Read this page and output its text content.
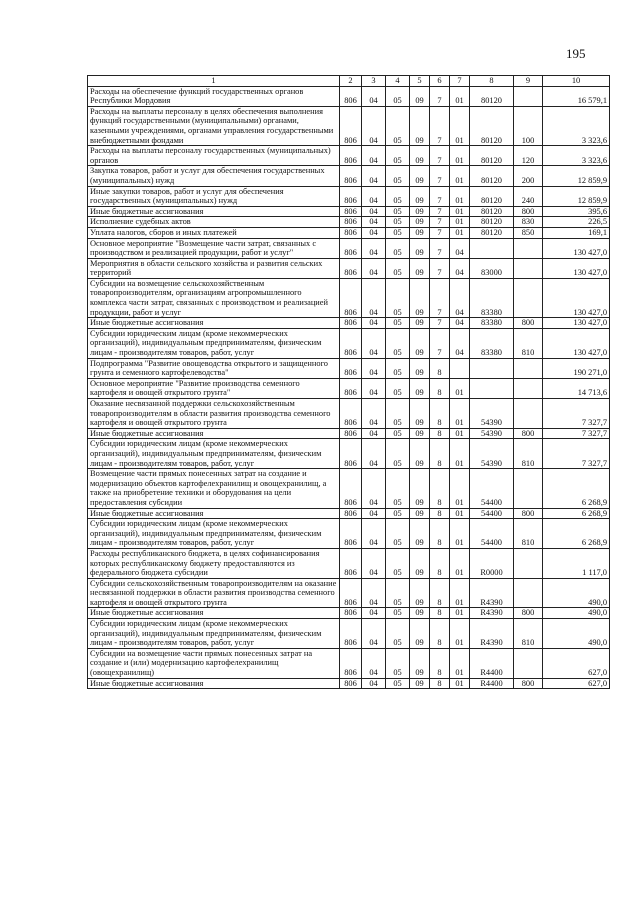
195
1	2	3	4	5	6	7	8	9	10
Расходы на обеспечение функций государственных органов Республики Мордовия	806	04	05	09	7	01	80120		16 579,1
Расходы на выплаты персоналу в целях обеспечения выполнения функций государственными (муниципальными) органами, казенными учреждениями, органами управления государственными внебюджетными фондами	806	04	05	09	7	01	80120	100	3 323,6
Расходы на выплаты персоналу государственных (муниципальных) органов	806	04	05	09	7	01	80120	120	3 323,6
Закупка товаров, работ и услуг для обеспечения государственных (муниципальных) нужд	806	04	05	09	7	01	80120	200	12 859,9
Иные закупки товаров, работ и услуг для обеспечения государственных (муниципальных) нужд	806	04	05	09	7	01	80120	240	12 859,9
Иные бюджетные ассигнования	806	04	05	09	7	01	80120	800	395,6
Исполнение судебных актов	806	04	05	09	7	01	80120	830	226,5
Уплата налогов, сборов и иных платежей	806	04	05	09	7	01	80120	850	169,1
Основное мероприятие "Возмещение части затрат, связанных с производством и реализацией продукции, работ и услуг"	806	04	05	09	7	04			130 427,0
Мероприятия в области сельского хозяйства и развития сельских территорий	806	04	05	09	7	04	83000		130 427,0
Субсидии на возмещение сельскохозяйственным товаропроизводителям, организациям агропромышленного комплекса части затрат, связанных с производством и реализацией продукции, работ и услуг	806	04	05	09	7	04	83380		130 427,0
Иные бюджетные ассигнования	806	04	05	09	7	04	83380	800	130 427,0
Субсидии юридическим лицам (кроме некоммерческих организаций), индивидуальным предпринимателям, физическим лицам - производителям товаров, работ, услуг	806	04	05	09	7	04	83380	810	130 427,0
Подпрограмма "Развитие овощеводства открытого и защищенного грунта и семенного картофелеводства"	806	04	05	09	8				190 271,0
Основное мероприятие "Развитие производства семенного картофеля и овощей открытого грунта"	806	04	05	09	8	01			14 713,6
Оказание несвязанной поддержки сельскохозяйственным товаропроизводителям в области развития производства семенного картофеля и овощей открытого грунта	806	04	05	09	8	01	54390		7 327,7
Иные бюджетные ассигнования	806	04	05	09	8	01	54390	800	7 327,7
Субсидии юридическим лицам (кроме некоммерческих организаций), индивидуальным предпринимателям, физическим лицам - производителям товаров, работ, услуг	806	04	05	09	8	01	54390	810	7 327,7
Возмещение части прямых понесенных затрат на создание и модернизацию объектов картофелехранилищ и овощехранилищ, а также на приобретение техники и оборудования на цели предоставления субсидии	806	04	05	09	8	01	54400		6 268,9
Иные бюджетные ассигнования	806	04	05	09	8	01	54400	800	6 268,9
Субсидии юридическим лицам (кроме некоммерческих организаций), индивидуальным предпринимателям, физическим лицам - производителям товаров, работ, услуг	806	04	05	09	8	01	54400	810	6 268,9
Расходы республиканского бюджета, в целях софинансирования которых республиканскому бюджету предоставляются из федерального бюджета субсидии	806	04	05	09	8	01	R0000		1 117,0
Субсидии сельскохозяйственным товаропроизводителям на оказание несвязанной поддержки в области развития производства семенного картофеля и овощей открытого грунта	806	04	05	09	8	01	R4390		490,0
Иные бюджетные ассигнования	806	04	05	09	8	01	R4390	800	490,0
Субсидии юридическим лицам (кроме некоммерческих организаций), индивидуальным предпринимателям, физическим лицам - производителям товаров, работ, услуг	806	04	05	09	8	01	R4390	810	490,0
Субсидии на возмещение части прямых понесенных затрат на создание и (или) модернизацию картофелехранилищ (овощехранилищ)	806	04	05	09	8	01	R4400		627,0
Иные бюджетные ассигнования	806	04	05	09	8	01	R4400	800	627,0
